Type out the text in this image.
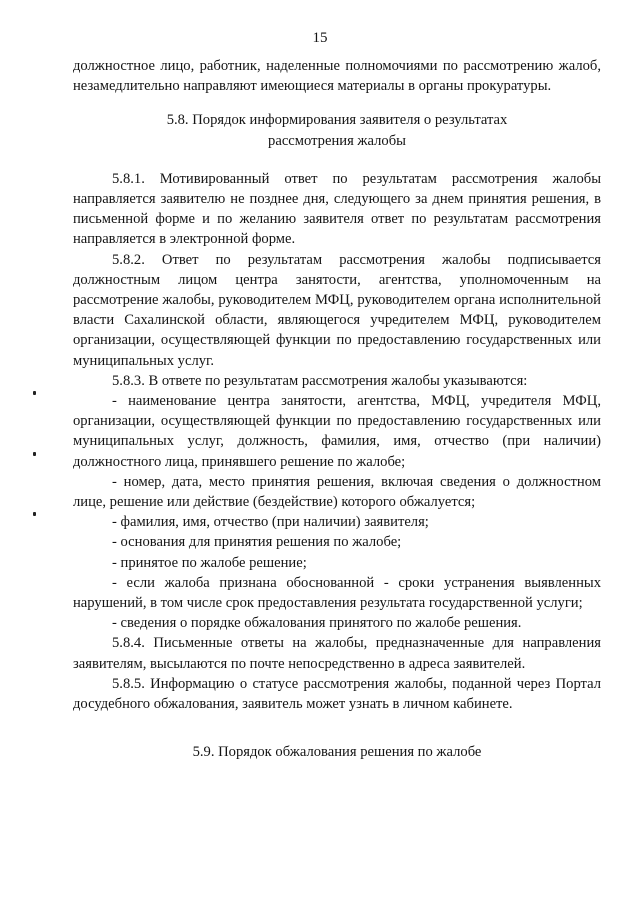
15

должностное лицо, работник, наделенные полномочиями по рассмотрению жалоб, незамедлительно направляют имеющиеся материалы в органы прокуратуры.

5.8. Порядок информирования заявителя о результатах

рассмотрения жалобы

5.8.1. Мотивированный ответ по результатам рассмотрения жалобы направляется заявителю не позднее дня, следующего за днем принятия решения, в письменной форме и по желанию заявителя ответ по результатам рассмотрения направляется в электронной форме.

5.8.2. Ответ по результатам рассмотрения жалобы подписывается должностным лицом центра занятости, агентства, уполномоченным на рассмотрение жалобы, руководителем МФЦ, руководителем органа исполнительной власти Сахалинской области, являющегося учредителем МФЦ, руководителем организации, осуществляющей функции по предоставлению государственных или муниципальных услуг.

5.8.3. В ответе по результатам рассмотрения жалобы указываются:

- наименование центра занятости, агентства, МФЦ, учредителя МФЦ, организации, осуществляющей функции по предоставлению государственных или муниципальных услуг, должность, фамилия, имя, отчество (при наличии) должностного лица, принявшего решение по жалобе;

- номер, дата, место принятия решения, включая сведения о должностном лице, решение или действие (бездействие) которого обжалуется;

- фамилия, имя, отчество (при наличии) заявителя;

- основания для принятия решения по жалобе;

- принятое по жалобе решение;

- если жалоба признана обоснованной - сроки устранения выявленных нарушений, в том числе срок предоставления результата государственной услуги;

- сведения о порядке обжалования принятого по жалобе решения.

5.8.4. Письменные ответы на жалобы, предназначенные для направления заявителям, высылаются по почте непосредственно в адреса заявителей.

5.8.5. Информацию о статусе рассмотрения жалобы, поданной через Портал досудебного обжалования, заявитель может узнать в личном кабинете.

5.9. Порядок обжалования решения по жалобе
